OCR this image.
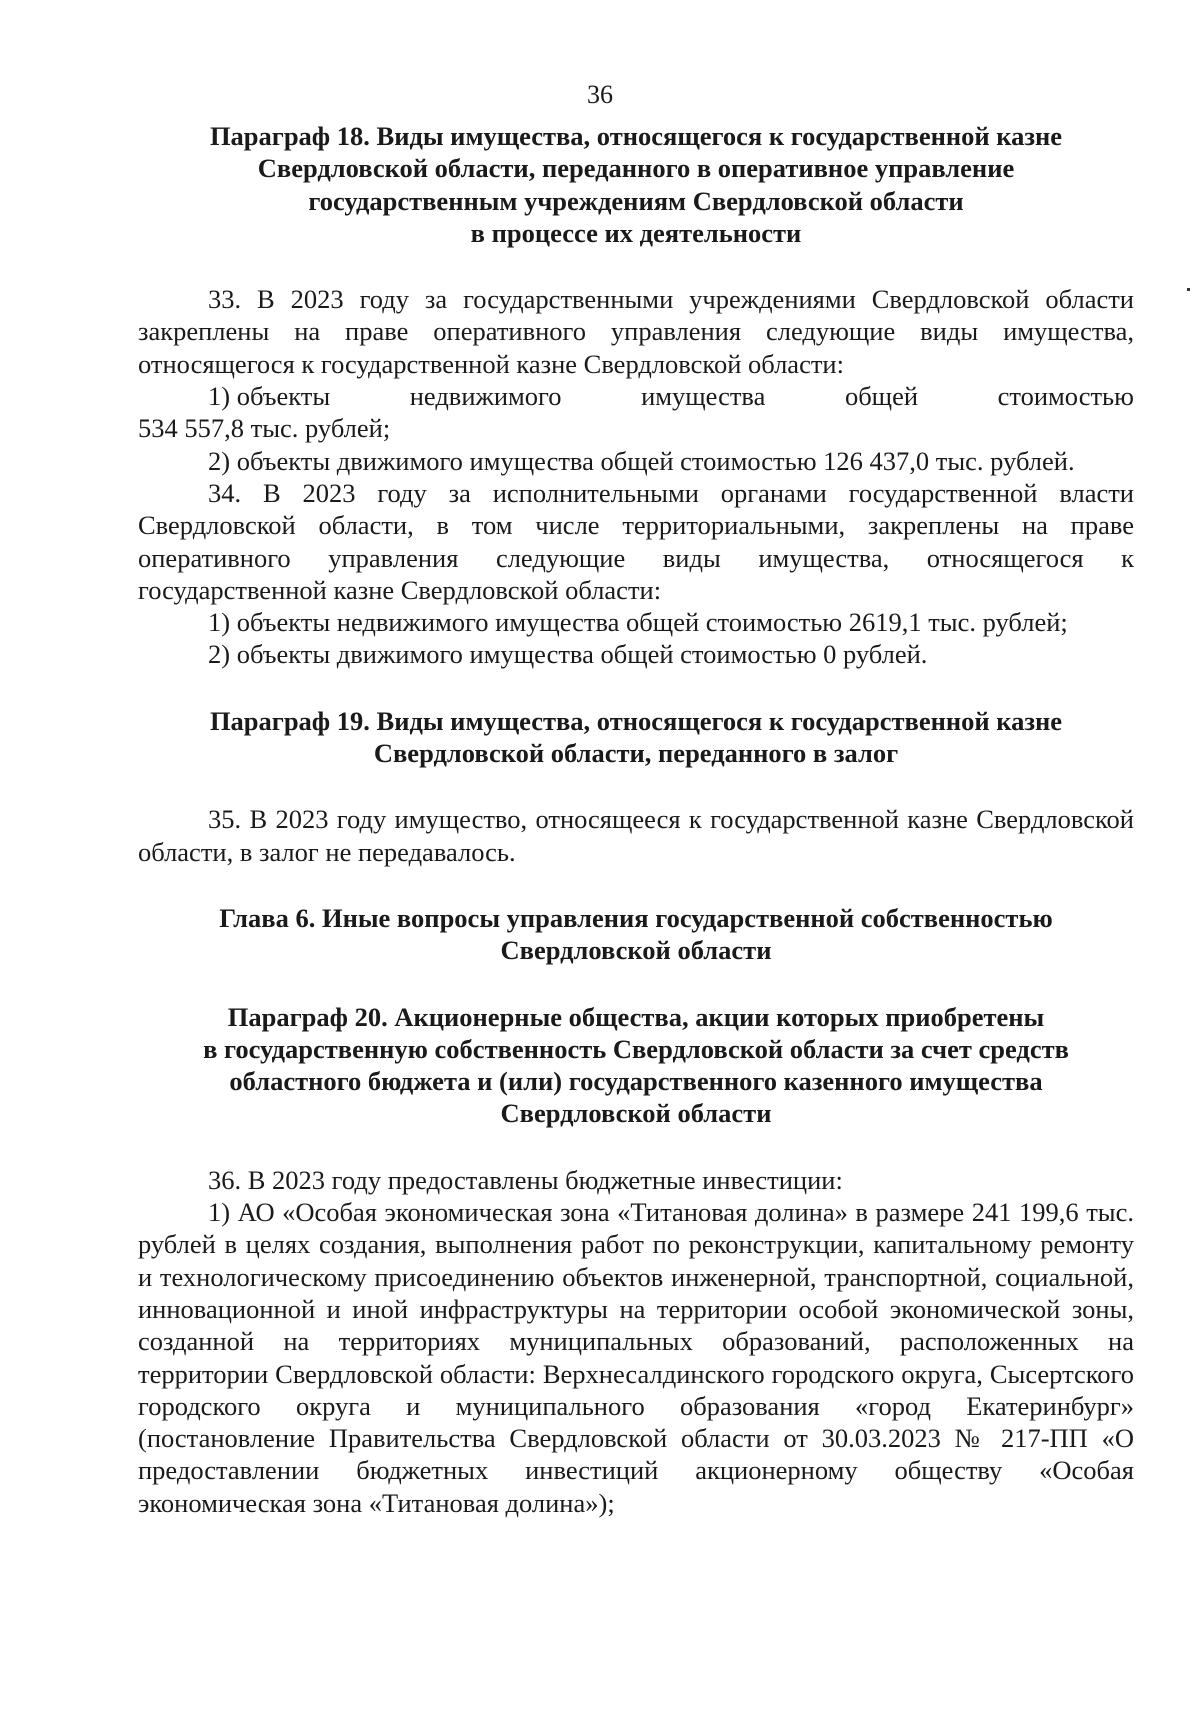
36
Параграф 18. Виды имущества, относящегося к государственной казне
Свердловской области, переданного в оперативное управление
государственным учреждениям Свердловской области
в процессе их деятельности

33. В 2023 году за государственными учреждениями Свердловской области закреплены на праве оперативного управления следующие виды имущества, относящегося к государственной казне Свердловской области:

1) объекты	недвижимого	имущества	общей	стоимостью
534 557,8 тыс. рублей;

2) объекты движимого имущества общей стоимостью 126 437,0 тыс. рублей.

34. В 2023 году за исполнительными органами государственной власти Свердловской области, в том числе территориальными, закреплены на праве оперативного управления следующие виды имущества, относящегося к государственной казне Свердловской области:

1) объекты недвижимого имущества общей стоимостью 2619,1 тыс. рублей;

2) объекты движимого имущества общей стоимостью 0 рублей.

Параграф 19. Виды имущества, относящегося к государственной казне
Свердловской области, переданного в залог

35. В 2023 году имущество, относящееся к государственной казне Свердловской области, в залог не передавалось.

Глава 6. Иные вопросы управления государственной собственностью
Свердловской области
Параграф 20. Акционерные общества, акции которых приобретены
в государственную собственность Свердловской области за счет средств
областного бюджета и (или) государственного казенного имущества
Свердловской области

36. В 2023 году предоставлены бюджетные инвестиции:

1) АО «Особая экономическая зона «Титановая долина» в размере 241 199,6 тыс. рублей в целях создания, выполнения работ по реконструкции, капитальному ремонту и технологическому присоединению объектов инженерной, транспортной, социальной, инновационной и иной инфраструктуры на территории особой экономической зоны, созданной на территориях муниципальных образований, расположенных на территории Свердловской области: Верхнесалдинского городского округа, Сысертского городского округа и муниципального образования «город Екатеринбург» (постановление Правительства Свердловской области от 30.03.2023 № 217-ПП «О предоставлении бюджетных инвестиций акционерному обществу «Особая экономическая зона «Титановая долина»);
